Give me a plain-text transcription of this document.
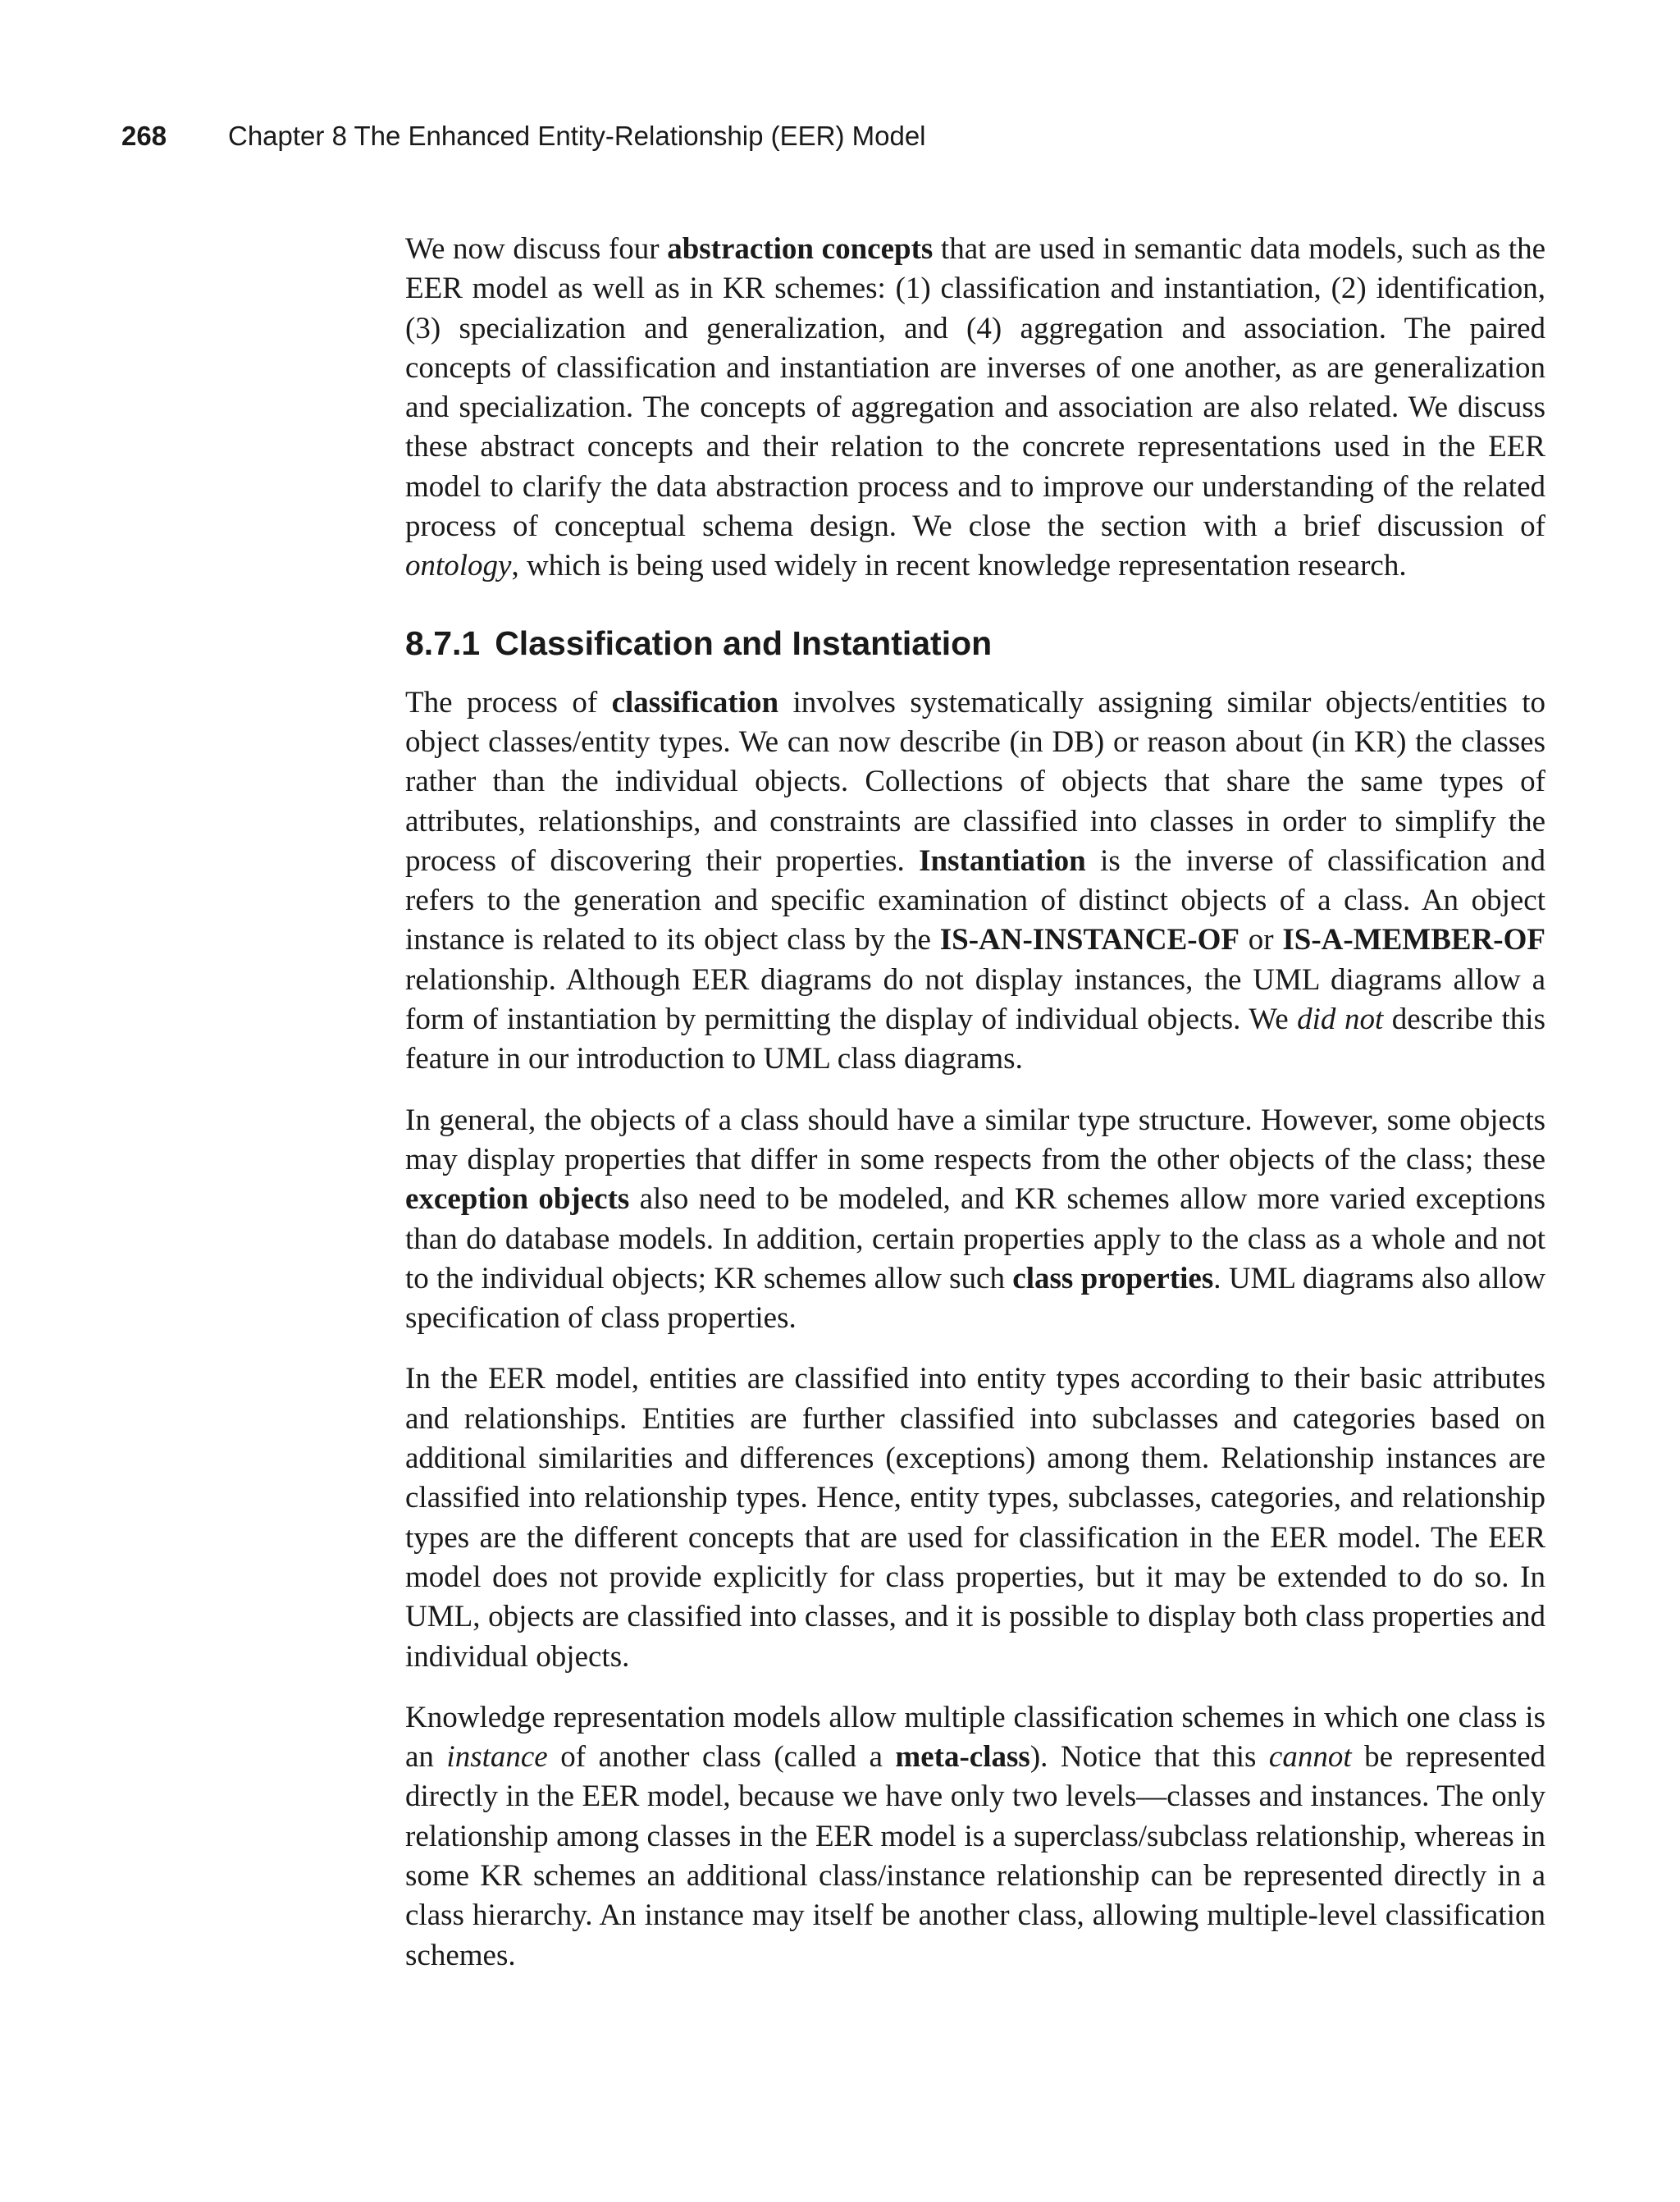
268 Chapter 8 The Enhanced Entity-Relationship (EER) Model

We now discuss four abstraction concepts that are used in semantic data models, such as the EER model as well as in KR schemes: (1) classification and instantiation, (2) identification, (3) specialization and generalization, and (4) aggregation and association. The paired concepts of classification and instantiation are inverses of one another, as are generalization and specialization. The concepts of aggregation and association are also related. We discuss these abstract concepts and their relation to the concrete representations used in the EER model to clarify the data abstraction process and to improve our understanding of the related process of conceptual schema design. We close the section with a brief discussion of ontology, which is being used widely in recent knowledge representation research.

8.7.1 Classification and Instantiation

The process of classification involves systematically assigning similar objects/entities to object classes/entity types. We can now describe (in DB) or reason about (in KR) the classes rather than the individual objects. Collections of objects that share the same types of attributes, relationships, and constraints are classified into classes in order to simplify the process of discovering their properties. Instantiation is the inverse of classification and refers to the generation and specific examination of distinct objects of a class. An object instance is related to its object class by the IS-AN-INSTANCE-OF or IS-A-MEMBER-OF relationship. Although EER diagrams do not display instances, the UML diagrams allow a form of instantiation by permitting the display of individual objects. We did not describe this feature in our introduction to UML class diagrams.

In general, the objects of a class should have a similar type structure. However, some objects may display properties that differ in some respects from the other objects of the class; these exception objects also need to be modeled, and KR schemes allow more varied exceptions than do database models. In addition, certain properties apply to the class as a whole and not to the individual objects; KR schemes allow such class properties. UML diagrams also allow specification of class properties.

In the EER model, entities are classified into entity types according to their basic attributes and relationships. Entities are further classified into subclasses and categories based on additional similarities and differences (exceptions) among them. Relationship instances are classified into relationship types. Hence, entity types, subclasses, categories, and relationship types are the different concepts that are used for classification in the EER model. The EER model does not provide explicitly for class properties, but it may be extended to do so. In UML, objects are classified into classes, and it is possible to display both class properties and individual objects.

Knowledge representation models allow multiple classification schemes in which one class is an instance of another class (called a meta-class). Notice that this cannot be represented directly in the EER model, because we have only two levels—classes and instances. The only relationship among classes in the EER model is a superclass/subclass relationship, whereas in some KR schemes an additional class/instance relationship can be represented directly in a class hierarchy. An instance may itself be another class, allowing multiple-level classification schemes.
